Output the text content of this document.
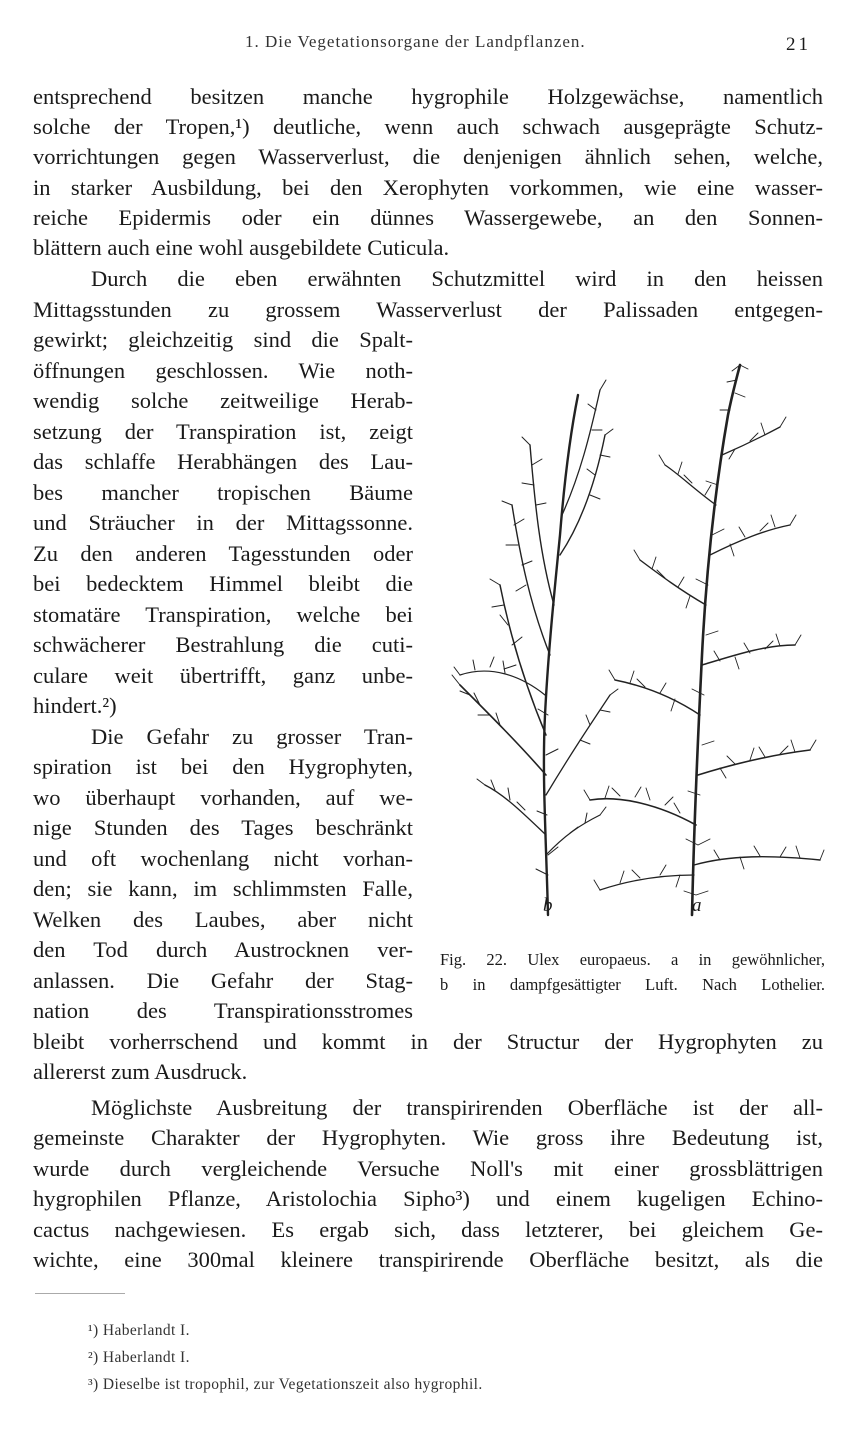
1. Die Vegetationsorgane der Landpflanzen.	21
entsprechend besitzen manche hygrophile Holzgewächse, namentlich
solche der Tropen,¹) deutliche, wenn auch schwach ausgeprägte Schutz-
vorrichtungen gegen Wasserverlust, die denjenigen ähnlich sehen, welche,
in starker Ausbildung, bei den Xerophyten vorkommen, wie eine wasser-
reiche Epidermis oder ein dünnes Wassergewebe, an den Sonnen-
blättern auch eine wohl ausgebildete Cuticula.
Durch die eben erwähnten Schutzmittel wird in den heissen
Mittagsstunden zu grossem Wasserverlust der Palissaden entgegen-
gewirkt; gleichzeitig sind die Spalt-
öffnungen geschlossen. Wie noth-
wendig solche zeitweilige Herab-
setzung der Transpiration ist, zeigt
das schlaffe Herabhängen des Lau-
bes mancher tropischen Bäume
und Sträucher in der Mittagssonne.
Zu den anderen Tagesstunden oder
bei bedecktem Himmel bleibt die
stomatäre Transpiration, welche bei
schwächerer Bestrahlung die cuti-
culare weit übertrifft, ganz unbe-
hindert.²)
Die Gefahr zu grosser Tran-
spiration ist bei den Hygrophyten,
wo überhaupt vorhanden, auf we-
nige Stunden des Tages beschränkt
und oft wochenlang nicht vorhan-
den; sie kann, im schlimmsten Falle,
Welken des Laubes, aber nicht
den Tod durch Austrocknen ver-
anlassen. Die Gefahr der Stag-
nation des Transpirationsstromes
bleibt vorherrschend und kommt in der Structur der Hygrophyten zu
allererst zum Ausdruck.
Möglichste Ausbreitung der transpirirenden Oberfläche ist der all-
gemeinste Charakter der Hygrophyten. Wie gross ihre Bedeutung ist,
wurde durch vergleichende Versuche Noll's mit einer grossblättrigen
hygrophilen Pflanze, Aristolochia Sipho³) und einem kugeligen Echino-
cactus nachgewiesen. Es ergab sich, dass letzterer, bei gleichem Ge-
wichte, eine 300mal kleinere transpirirende Oberfläche besitzt, als die
b	a
Fig. 22. Ulex europaeus. a in gewöhnlicher,
b in dampfgesättigter Luft. Nach Lothelier.
¹) Haberlandt I.
²) Haberlandt I.
³) Dieselbe ist tropophil, zur Vegetationszeit also hygrophil.
